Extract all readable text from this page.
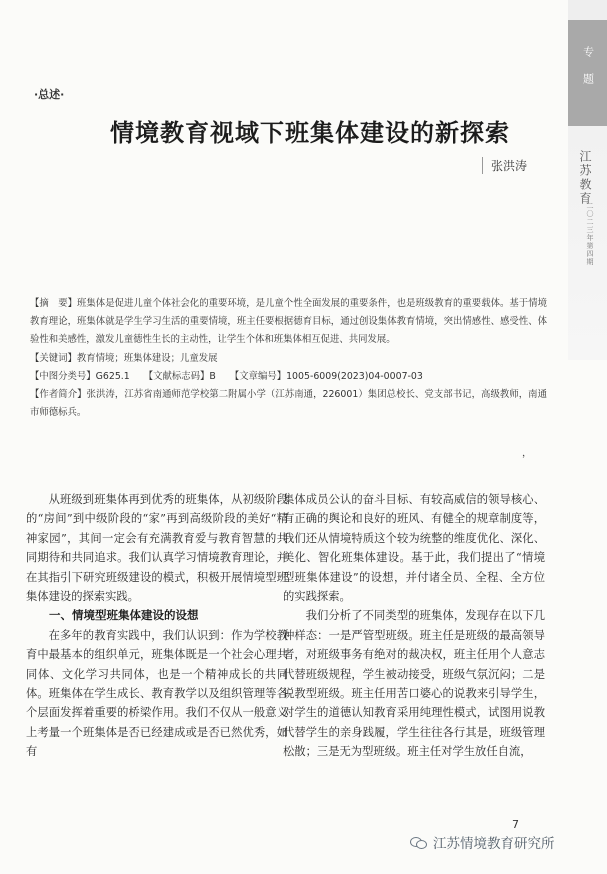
专题
江苏教育
二〇二三年第四期
·总述·
情境教育视域下班集体建设的新探索
张洪涛

【摘　要】班集体是促进儿童个体社会化的重要环境，是儿童个性全面发展的重要条件，也是班级教育的重要载体。基于情境教育理论，班集体就是学生学习生活的重要情境，班主任要根据德育目标，通过创设集体教育情境，突出情感性、感受性、体验性和美感性，激发儿童德性生长的主动性，让学生个体和班集体相互促进、共同发展。

【关键词】教育情境；班集体建设；儿童发展

【中图分类号】G625.1 【文献标志码】B 【文章编号】1005-6009(2023)04-0007-03

【作者简介】张洪涛，江苏省南通师范学校第二附属小学（江苏南通，226001）集团总校长、党支部书记，高级教师，南通市师德标兵。

，

从班级到班集体再到优秀的班集体，从初级阶段的“房间”到中级阶段的“家”再到高级阶段的美好“精神家园”，其间一定会有充满教育爱与教育智慧的共同期待和共同追求。我们认真学习情境教育理论，并在其指引下研究班级建设的模式，积极开展情境型班集体建设的探索实践。

一、情境型班集体建设的设想

在多年的教育实践中，我们认识到：作为学校教育中最基本的组织单元，班集体既是一个社会心理共同体、文化学习共同体，也是一个精神成长的共同体。班集体在学生成长、教育教学以及组织管理等各个层面发挥着重要的桥梁作用。我们不仅从一般意义上考量一个班集体是否已经建成或是否已然优秀，如有

集体成员公认的奋斗目标、有较高威信的领导核心、有正确的舆论和良好的班风、有健全的规章制度等，我们还从情境特质这个较为统整的维度优化、深化、美化、智化班集体建设。基于此，我们提出了“情境型班集体建设”的设想，并付诸全员、全程、全方位的实践探索。

我们分析了不同类型的班集体，发现存在以下几种样态：一是严管型班级。班主任是班级的最高领导者，对班级事务有绝对的裁决权，班主任用个人意志代替班级规程，学生被动接受，班级气氛沉闷；二是说教型班级。班主任用苦口婆心的说教来引导学生，对学生的道德认知教育采用纯理性模式，试图用说教代替学生的亲身践履，学生往往各行其是，班级管理松散；三是无为型班级。班主任对学生放任自流，

7
江苏情境教育研究所
